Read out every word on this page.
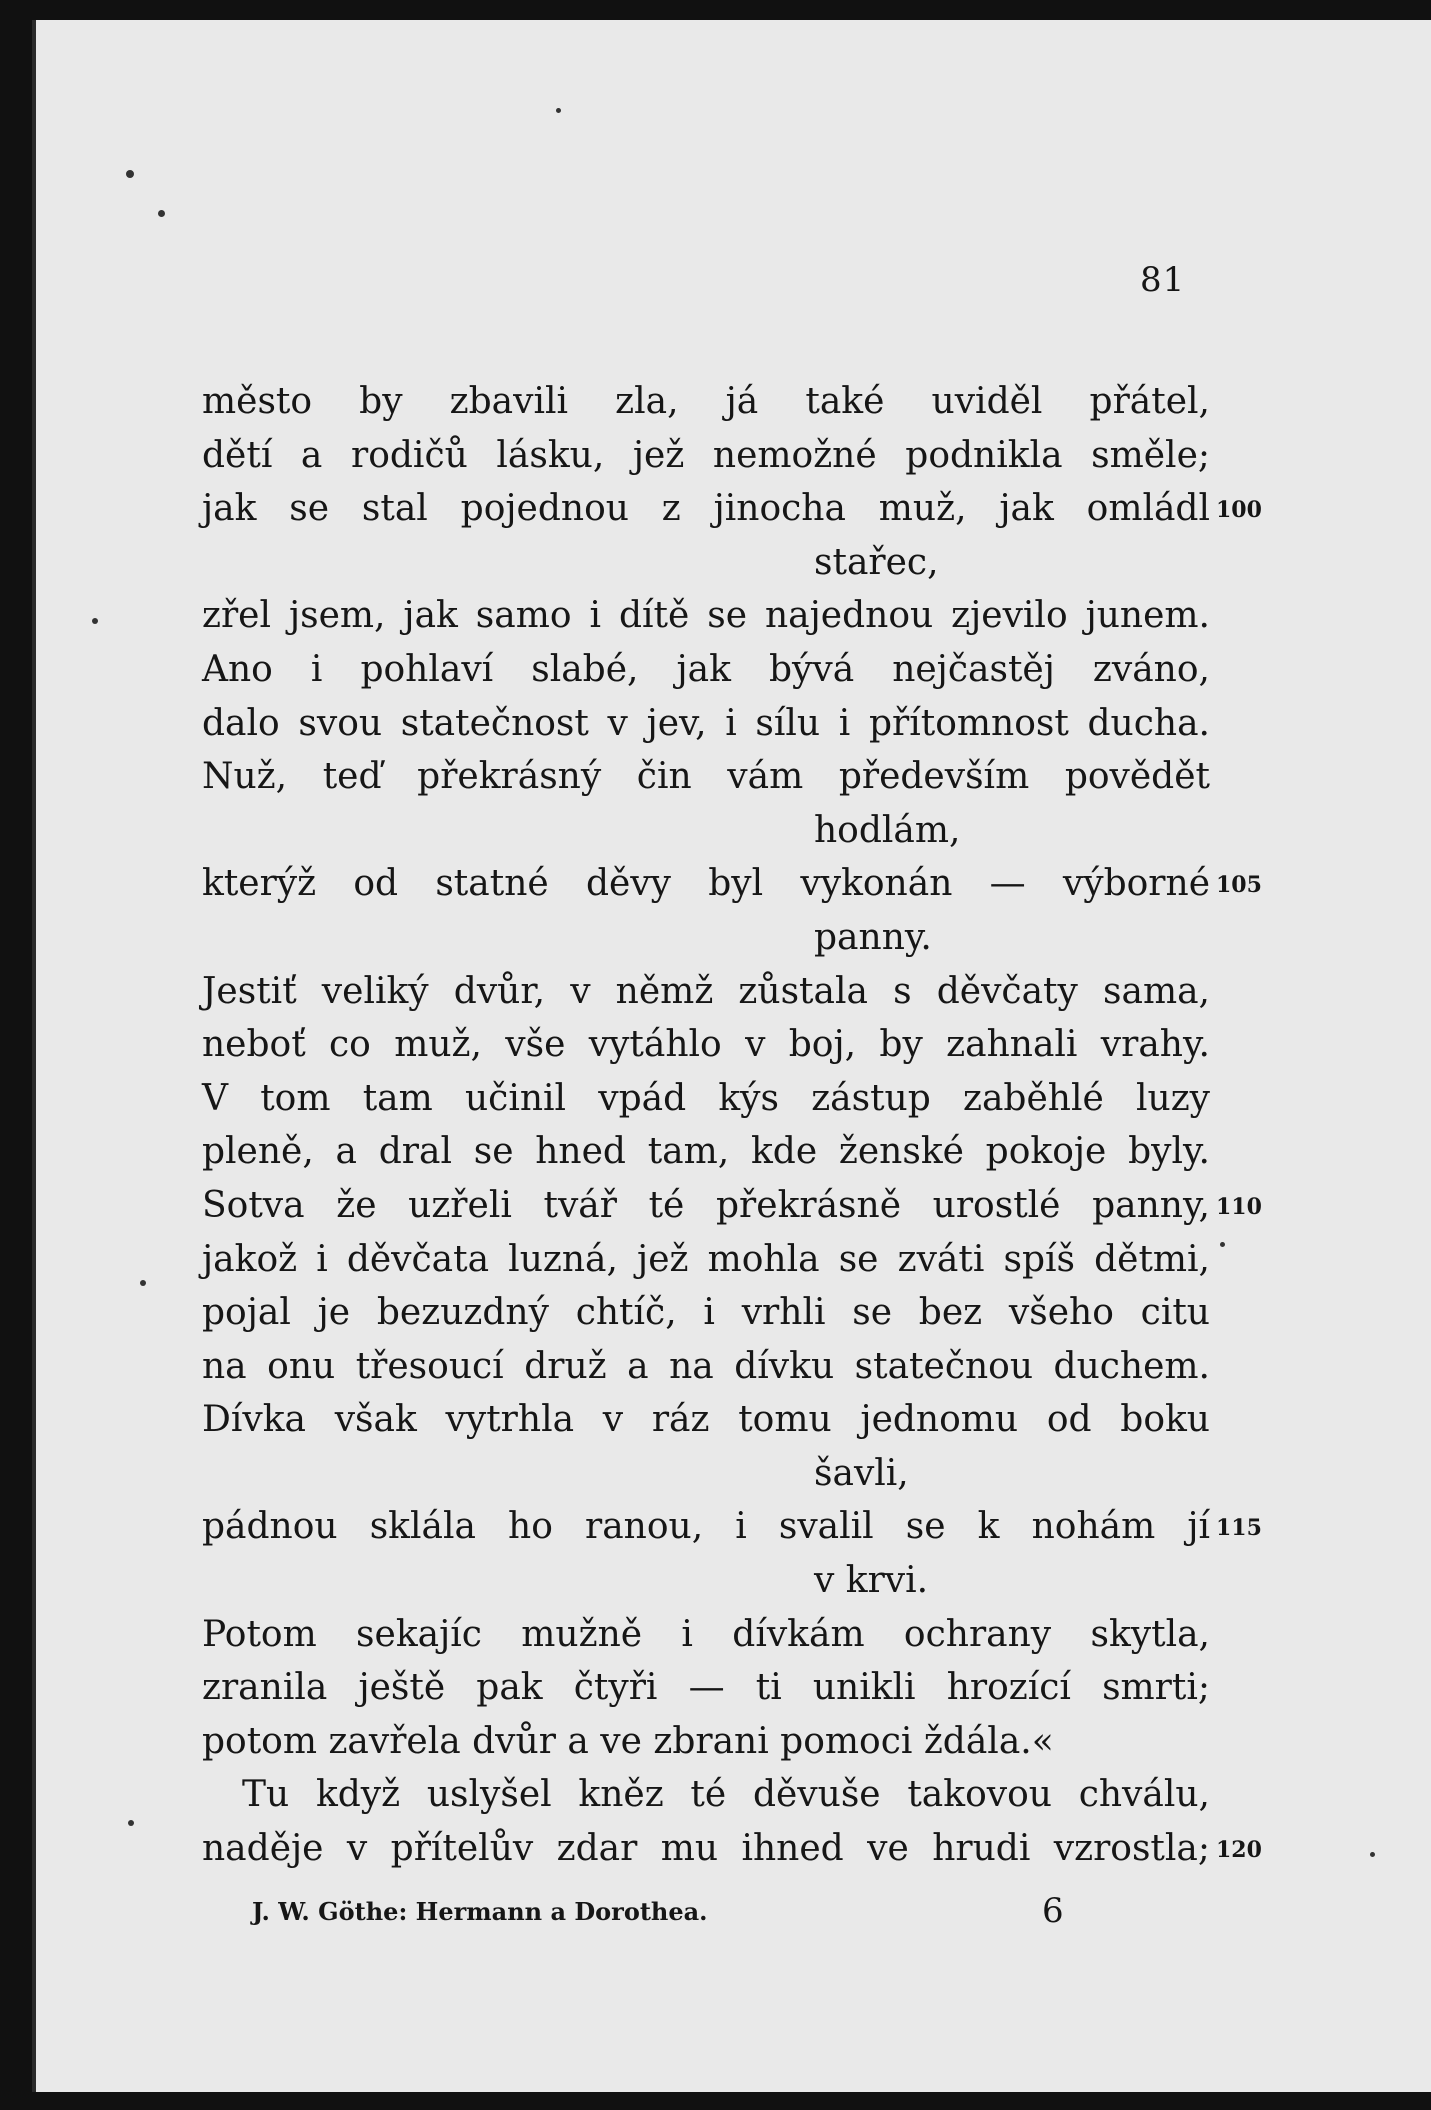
81
město by zbavili zla, já také uviděl přátel,
dětí a rodičů lásku, jež nemožné podnikla směle;
jak se stal pojednou z jinocha muž, jak omládl 100
stařec,
zřel jsem, jak samo i dítě se najednou zjevilo junem.
Ano i pohlaví slabé, jak bývá nejčastěj zváno,
dalo svou statečnost v jev, i sílu i přítomnost ducha.
Nuž, teď překrásný čin vám především povědět
hodlám,
kterýž od statné děvy byl vykonán — výborné 105
panny.
Jestiť veliký dvůr, v němž zůstala s děvčaty sama,
neboť co muž, vše vytáhlo v boj, by zahnali vrahy.
V tom tam učinil vpád kýs zástup zaběhlé luzy
pleně, a dral se hned tam, kde ženské pokoje byly.
Sotva že uzřeli tvář té překrásně urostlé panny, 110
jakož i děvčata luzná, jež mohla se zváti spíš dětmi,
pojal je bezuzdný chtíč, i vrhli se bez všeho citu
na onu třesoucí druž a na dívku statečnou duchem.
Dívka však vytrhla v ráz tomu jednomu od boku
šavli,
pádnou sklála ho ranou, i svalil se k nohám jí 115
v krvi.
Potom sekajíc mužně i dívkám ochrany skytla,
zranila ještě pak čtyři — ti unikli hrozící smrti;
potom zavřela dvůr a ve zbrani pomoci ždála.«
Tu když uslyšel kněz té děvuše takovou chválu,
naděje v přítelův zdar mu ihned ve hrudi vzrostla; 120
J. W. Göthe: Hermann a Dorothea.	6
